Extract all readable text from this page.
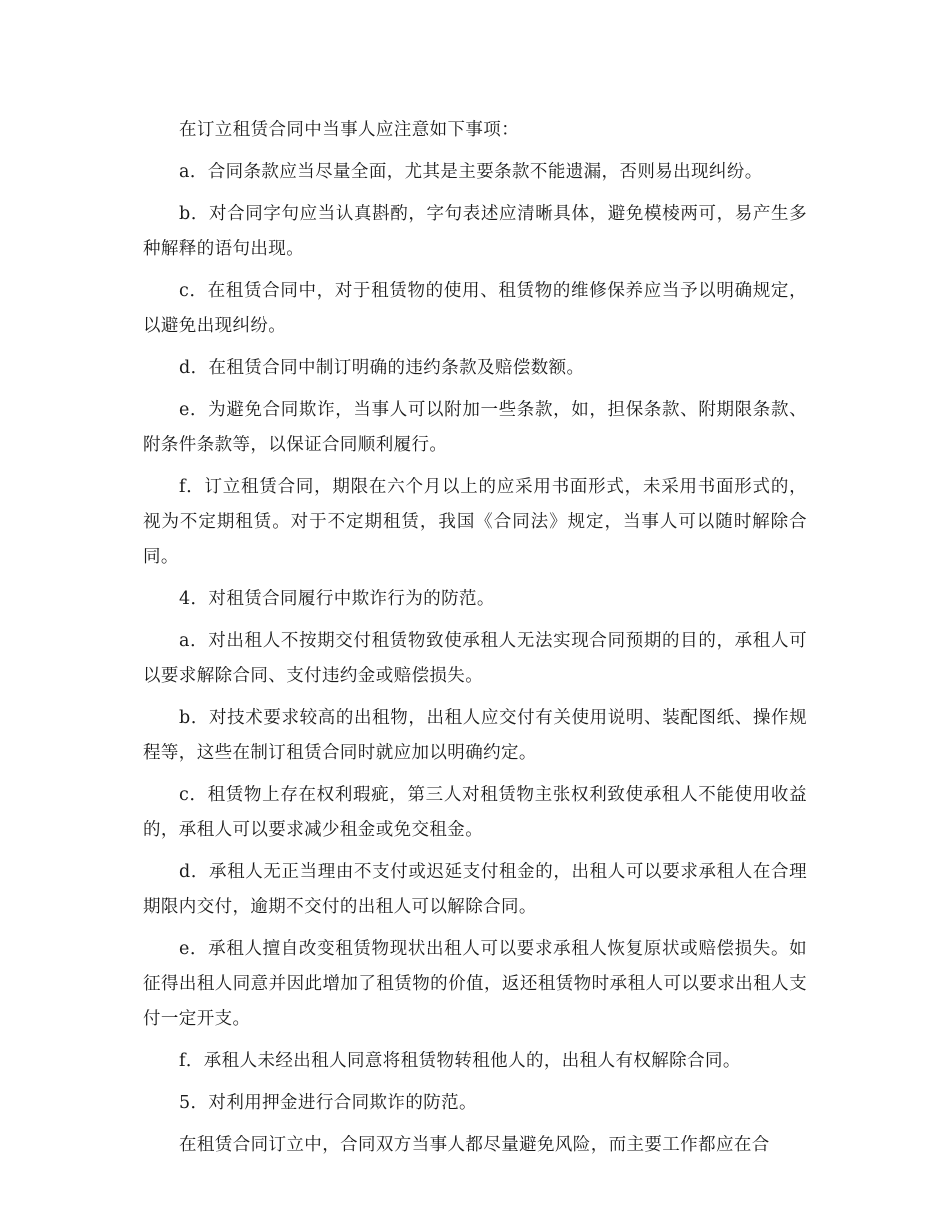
在订立租赁合同中当事人应注意如下事项：

a．合同条款应当尽量全面，尤其是主要条款不能遗漏，否则易出现纠纷。

b．对合同字句应当认真斟酌，字句表述应清晰具体，避免模棱两可，易产生多种解释的语句出现。

c．在租赁合同中，对于租赁物的使用、租赁物的维修保养应当予以明确规定，以避免出现纠纷。

d．在租赁合同中制订明确的违约条款及赔偿数额。

e．为避免合同欺诈，当事人可以附加一些条款，如，担保条款、附期限条款、附条件条款等，以保证合同顺利履行。

f．订立租赁合同，期限在六个月以上的应采用书面形式，未采用书面形式的，视为不定期租赁。对于不定期租赁，我国《合同法》规定，当事人可以随时解除合同。

4．对租赁合同履行中欺诈行为的防范。

a．对出租人不按期交付租赁物致使承租人无法实现合同预期的目的，承租人可以要求解除合同、支付违约金或赔偿损失。

b．对技术要求较高的出租物，出租人应交付有关使用说明、装配图纸、操作规程等，这些在制订租赁合同时就应加以明确约定。

c．租赁物上存在权利瑕疵，第三人对租赁物主张权利致使承租人不能使用收益的，承租人可以要求减少租金或免交租金。

d．承租人无正当理由不支付或迟延支付租金的，出租人可以要求承租人在合理期限内交付，逾期不交付的出租人可以解除合同。

e．承租人擅自改变租赁物现状出租人可以要求承租人恢复原状或赔偿损失。如征得出租人同意并因此增加了租赁物的价值，返还租赁物时承租人可以要求出租人支付一定开支。

f．承租人未经出租人同意将租赁物转租他人的，出租人有权解除合同。

5．对利用押金进行合同欺诈的防范。

在租赁合同订立中，合同双方当事人都尽量避免风险，而主要工作都应在合
